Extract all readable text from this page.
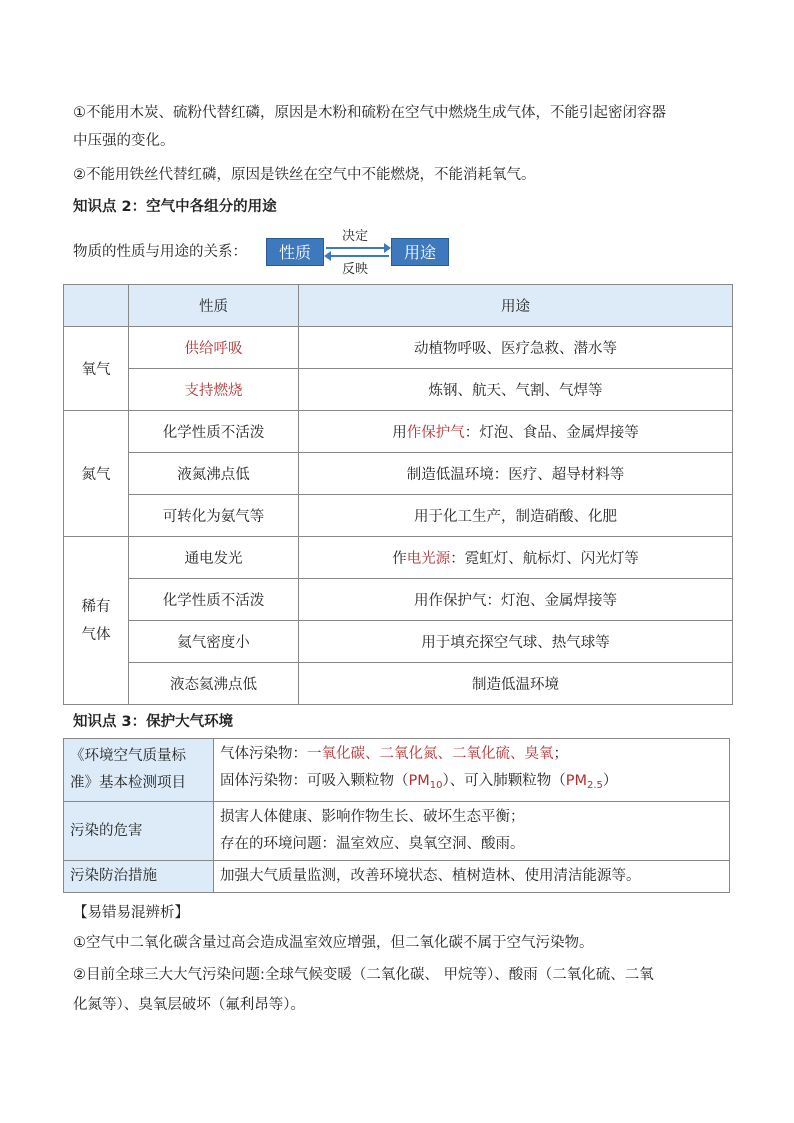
①不能用木炭、硫粉代替红磷，原因是木粉和硫粉在空气中燃烧生成气体，不能引起密闭容器
中压强的变化。
②不能用铁丝代替红磷，原因是铁丝在空气中不能燃烧，不能消耗氧气。
知识点 2：空气中各组分的用途
物质的性质与用途的关系：	性质	用途
决定
反映
	性质	用途
氧气	供给呼吸	动植物呼吸、医疗急救、潜水等
	支持燃烧	炼钢、航天、气割、气焊等
氮气	化学性质不活泼	用作保护气：灯泡、食品、金属焊接等
	液氮沸点低	制造低温环境：医疗、超导材料等
	可转化为氨气等	用于化工生产，制造硝酸、化肥

稀有
气体	通电发光	作电光源：霓虹灯、航标灯、闪光灯等
	化学性质不活泼	用作保护气：灯泡、金属焊接等
	氦气密度小	用于填充探空气球、热气球等
	液态氦沸点低	制造低温环境
知识点 3：保护大气环境
《环境空气质量标准》基本检测项目	气体污染物：一氧化碳、二氧化氮、二氧化硫、臭氧；
固体污染物：可吸入颗粒物$(PM_{10})$、可入肺颗粒物$(PM_{2.5})$

污染的危害	损害人体健康、影响作物生长、破坏生态平衡；
存在的环境问题：温室效应、臭氧空洞、酸雨。

污染防治措施	加强大气质量监测，改善环境状态、植树造林、使用清洁能源等。
【易错易混辨析】
①空气中二氧化碳含量过高会造成温室效应增强，但二氧化碳不属于空气污染物。
②目前全球三大大气污染问题:全球气候变暖（二氧化碳、 甲烷等）、酸雨（二氧化硫、二氧
化氮等）、臭氧层破坏（氟利昂等）。
